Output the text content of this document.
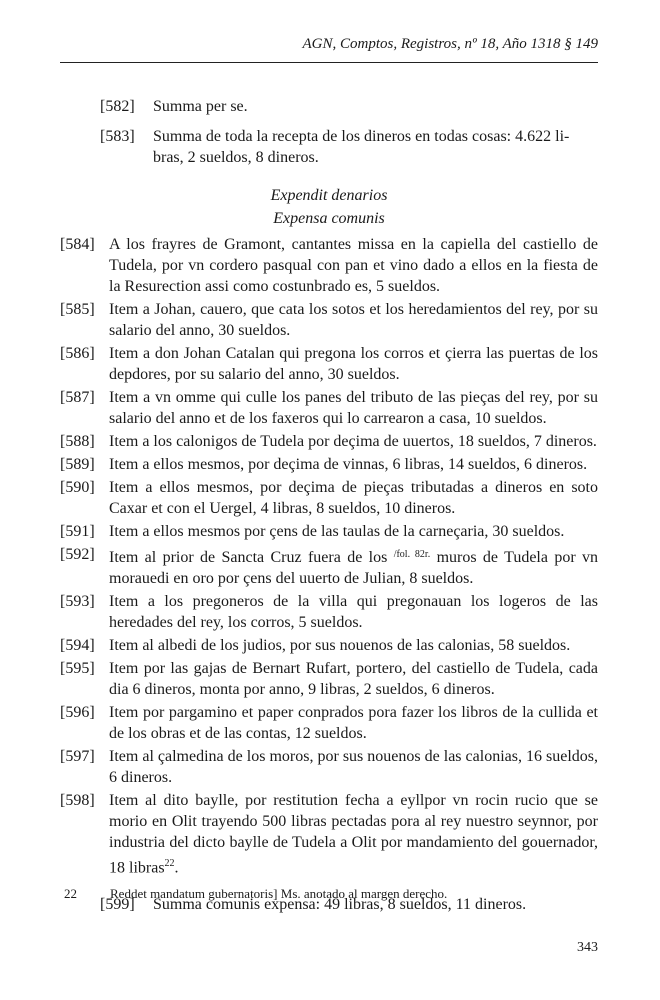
AGN, Comptos, Registros, nº 18, Año 1318 § 149
[582] Summa per se.
[583] Summa de toda la recepta de los dineros en todas cosas: 4.622 li-
bras, 2 sueldos, 8 dineros.
Expendit denarios
Expensa comunis
[584] A los frayres de Gramont, cantantes missa en la capiella del castiello de Tudela, por vn cordero pasqual con pan et vino dado a ellos en la fiesta de la Resurection assi como costunbrado es, 5 sueldos.
[585] Item a Johan, cauero, que cata los sotos et los heredamientos del rey, por su salario del anno, 30 sueldos.
[586] Item a don Johan Catalan qui pregona los corros et çierra las puertas de los depdores, por su salario del anno, 30 sueldos.
[587] Item a vn omme qui culle los panes del tributo de las pieças del rey, por su salario del anno et de los faxeros qui lo carrearon a casa, 10 sueldos.
[588] Item a los calonigos de Tudela por deçima de uuertos, 18 sueldos, 7 dineros.
[589] Item a ellos mesmos, por deçima de vinnas, 6 libras, 14 sueldos, 6 dineros.
[590] Item a ellos mesmos, por deçima de pieças tributadas a dineros en soto Caxar et con el Uergel, 4 libras, 8 sueldos, 10 dineros.
[591] Item a ellos mesmos por çens de las taulas de la carneçaria, 30 sueldos.
[592] Item al prior de Sancta Cruz fuera de los $^{/fol. 82r.}$ muros de Tudela por vn morauedi en oro por çens del uuerto de Julian, 8 sueldos.
[593] Item a los pregoneros de la villa qui pregonauan los logeros de las heredades del rey, los corros, 5 sueldos.
[594] Item al albedi de los judios, por sus nouenos de las calonias, 58 sueldos.
[595] Item por las gajas de Bernart Rufart, portero, del castiello de Tudela, cada dia 6 dineros, monta por anno, 9 libras, 2 sueldos, 6 dineros.
[596] Item por pargamino et paper conprados pora fazer los libros de la cullida et de los obras et de las contas, 12 sueldos.
[597] Item al çalmedina de los moros, por sus nouenos de las calonias, 16 sueldos, 6 dineros.
[598] Item al dito baylle, por restitution fecha a eyllpor vn rocin rucio que se morio en Olit trayendo 500 libras pectadas pora al rey nuestro seynnor, por industria del dicto baylle de Tudela a Olit por mandamiento del gouernador, 18 libras$^{22}$.
[599] Summa comunis expensa: 49 libras, 8 sueldos, 11 dineros.
22	Reddet mandatum gubernatoris] Ms. anotado al margen derecho.
343
